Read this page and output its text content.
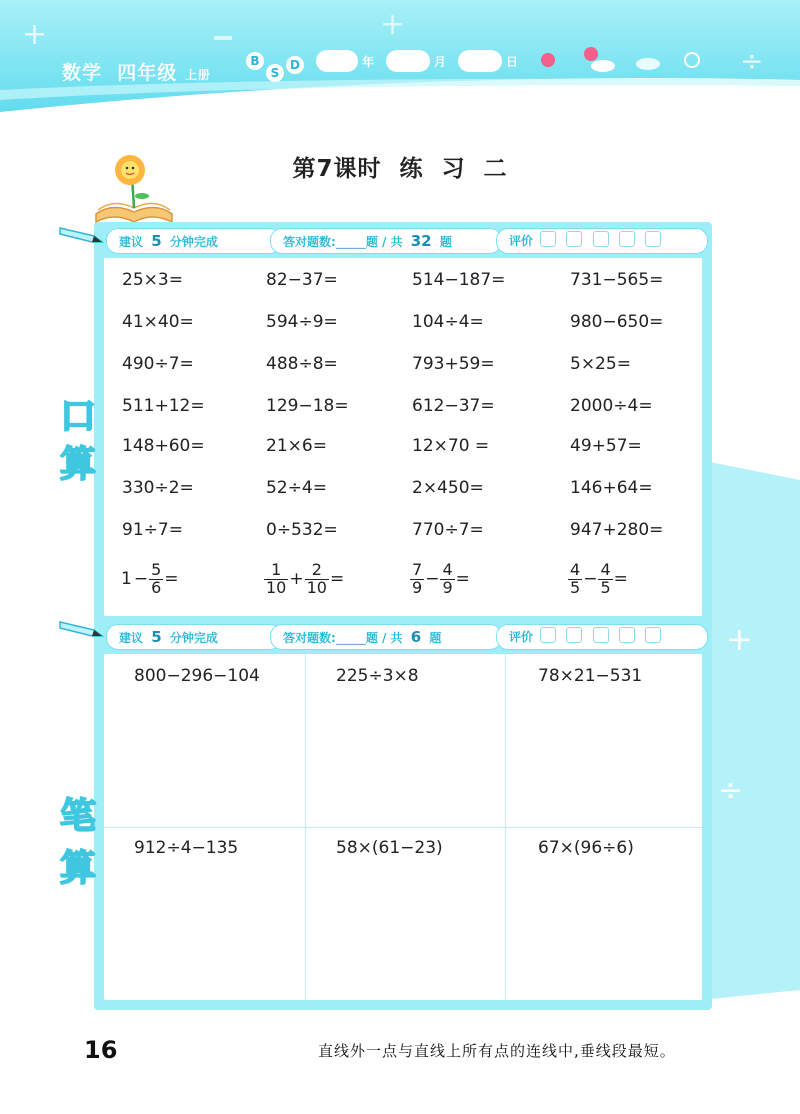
+	+
÷
数学 四年级 上册
B
S
D	年	月	日
第7课时  练  习  二
+
÷
建议 5 分钟完成	答对题数:_____题 / 共 32 题	评价
口
算
25×3=	82−37=	514−187=	731−565=
41×40=	594÷9=	104÷4=	980−650=
490÷7=	488÷8=	793+59=	5×25=
511+12=	129−18=	612−37=	2000÷4=
148+60=	21×6=	12×70 =	49+57=
330÷2=	52÷4=	2×450=	146+64=
91÷7=	0÷532=	770÷7=	947+280=
$1 - \frac{5}{6}$ =	$\frac{1}{10} + \frac{2}{10}$ =	$\frac{7}{9} - \frac{4}{9}$ =	$\frac{4}{5} - \frac{4}{5}$ =
建议 5 分钟完成	答对题数:_____题 / 共 6 题	评价
800−296−104	225÷3×8	78×21−531
912÷4−135	58×(61−23)	67×(96÷6)
笔
算
16	直线外一点与直线上所有点的连线中,垂线段最短。
